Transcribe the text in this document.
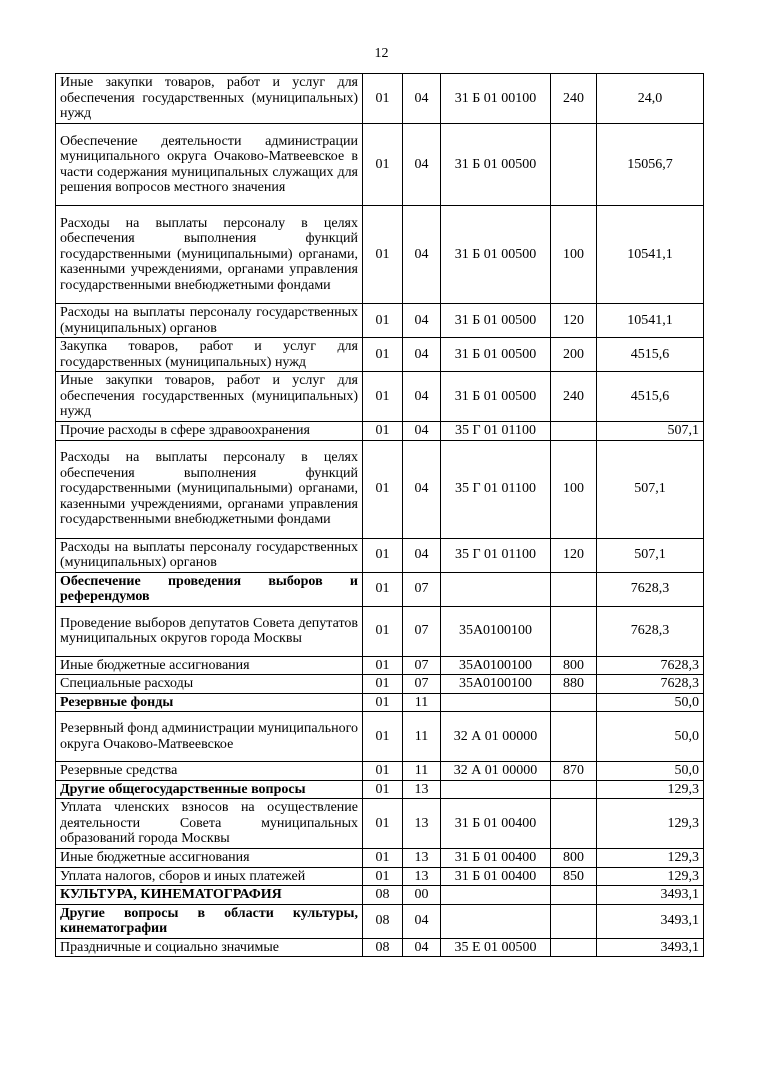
12
Иные закупки товаров, работ и услуг для обеспечения государственных (муниципальных) нужд	01	04	31 Б 01 00100	240	24,0
Обеспечение деятельности администрации муниципального округа Очаково-Матвеевское в части содержания муниципальных служащих для решения вопросов местного значения	01	04	31 Б 01 00500		15056,7
Расходы на выплаты персоналу в целях обеспечения выполнения функций государственными (муниципальными) органами, казенными учреждениями, органами управления государственными внебюджетными фондами	01	04	31 Б 01 00500	100	10541,1
Расходы на выплаты персоналу государственных (муниципальных) органов	01	04	31 Б 01 00500	120	10541,1
Закупка товаров, работ и услуг для государственных (муниципальных) нужд	01	04	31 Б 01 00500	200	4515,6
Иные закупки товаров, работ и услуг для обеспечения государственных (муниципальных) нужд	01	04	31 Б 01 00500	240	4515,6
Прочие расходы в сфере здравоохранения	01	04	35 Г 01 01100		507,1
Расходы на выплаты персоналу в целях обеспечения выполнения функций государственными (муниципальными) органами, казенными учреждениями, органами управления государственными внебюджетными фондами	01	04	35 Г 01 01100	100	507,1
Расходы на выплаты персоналу государственных (муниципальных) органов	01	04	35 Г 01 01100	120	507,1
Обеспечение проведения выборов и референдумов	01	07			7628,3
Проведение выборов депутатов Совета депутатов муниципальных округов города Москвы	01	07	35А0100100		7628,3
Иные бюджетные ассигнования	01	07	35А0100100	800	7628,3
Специальные расходы	01	07	35А0100100	880	7628,3
Резервные фонды	01	11			50,0
Резервный фонд администрации муниципального округа Очаково-Матвеевское	01	11	32 А 01 00000		50,0
Резервные средства	01	11	32 А 01 00000	870	50,0
Другие общегосударственные вопросы	01	13			129,3
Уплата членских взносов на осуществление деятельности Совета муниципальных образований города Москвы	01	13	31 Б 01 00400		129,3
Иные бюджетные ассигнования	01	13	31 Б 01 00400	800	129,3
Уплата налогов, сборов и иных платежей	01	13	31 Б 01 00400	850	129,3
КУЛЬТУРА, КИНЕМАТОГРАФИЯ	08	00			3493,1
Другие вопросы в области культуры, кинематографии	08	04			3493,1
Праздничные и социально значимые	08	04	35 Е 01 00500		3493,1
